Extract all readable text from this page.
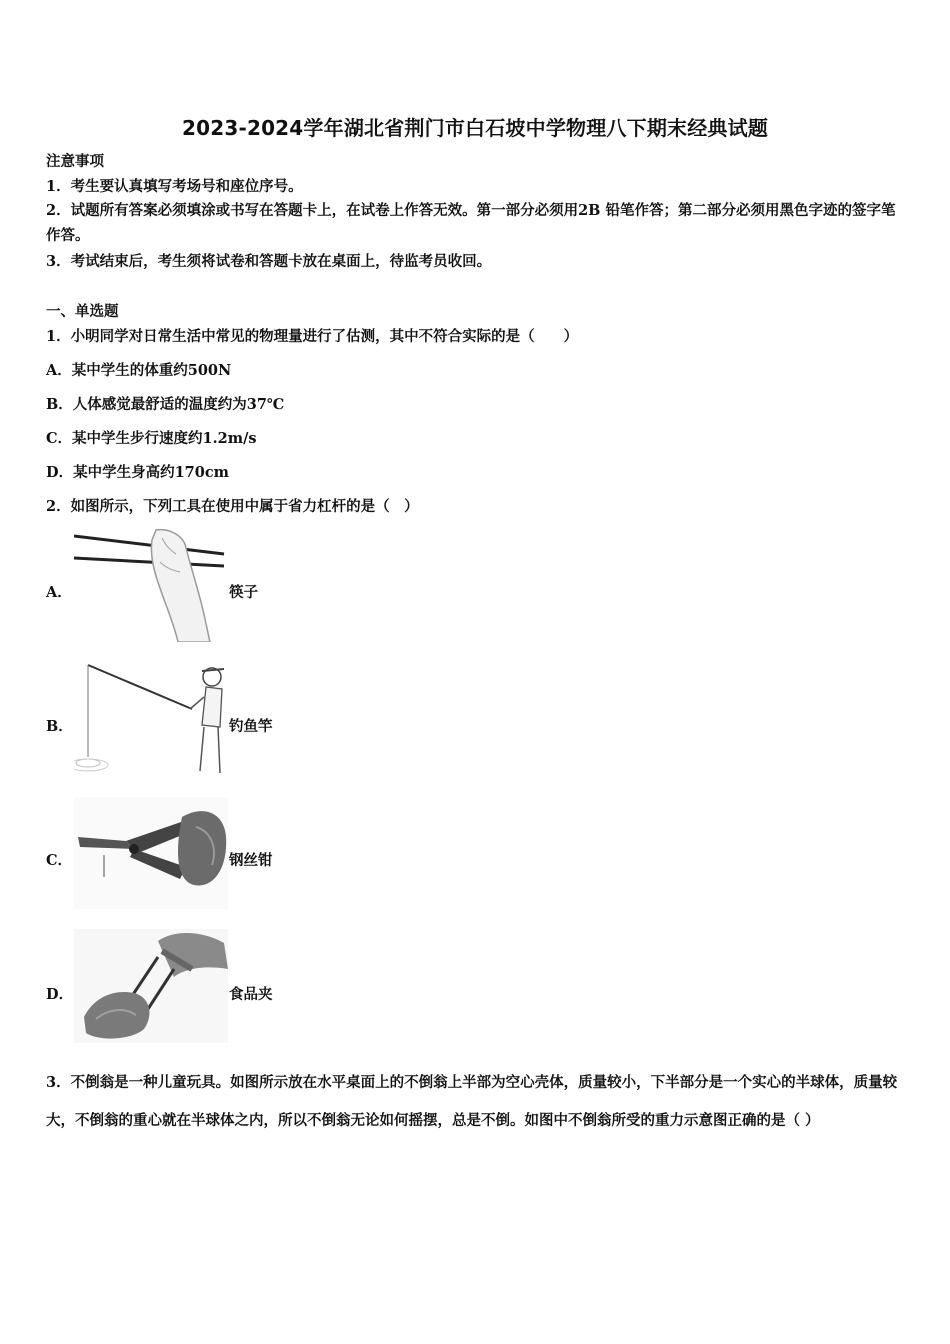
2023-2024学年湖北省荆门市白石坡中学物理八下期末经典试题
注意事项
1．考生要认真填写考场号和座位序号。
2．试题所有答案必须填涂或书写在答题卡上，在试卷上作答无效。第一部分必须用2B 铅笔作答；第二部分必须用黑色字迹的签字笔作答。
3．考试结束后，考生须将试卷和答题卡放在桌面上，待监考员收回。
一、单选题
1．小明同学对日常生活中常见的物理量进行了估测，其中不符合实际的是（　　）
A．某中学生的体重约500N
B．人体感觉最舒适的温度约为37℃
C．某中学生步行速度约1.2m/s
D．某中学生身高约170cm
2．如图所示，下列工具在使用中属于省力杠杆的是（　）
A．	筷子
B．	钓鱼竿
C．	钢丝钳
D．	食品夹
3．不倒翁是一种儿童玩具。如图所示放在水平桌面上的不倒翁上半部为空心壳体，质量较小，下半部分是一个实心的半球体，质量较大，不倒翁的重心就在半球体之内，所以不倒翁无论如何摇摆，总是不倒。如图中不倒翁所受的重力示意图正确的是（ ）
